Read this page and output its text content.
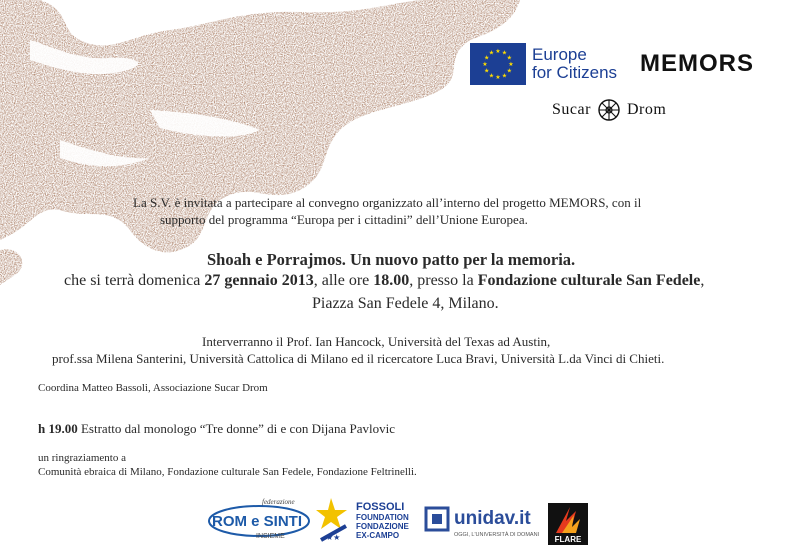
★ ★
★
★
★
★
★
★
★
★
★
★ Europe
for Citizens MEMORS
Sucar Drom
La S.V. è invitata a partecipare al convegno organizzato all’interno del progetto MEMORS, con il
supporto del programma “Europa per i cittadini” dell’Unione Europea.
Shoah e Porrajmos. Un nuovo patto per la memoria.
che si terrà domenica 27 gennaio 2013, alle ore 18.00, presso la Fondazione culturale San Fedele,
Piazza San Fedele 4, Milano.
Interverranno il Prof. Ian Hancock, Università del Texas ad Austin,
prof.ssa Milena Santerini, Università Cattolica di Milano ed il ricercatore Luca Bravi, Università L.da Vinci di Chieti.
Coordina Matteo Bassoli, Associazione Sucar Drom
h 19.00 Estratto dal monologo “Tre donne” di e con Dijana Pavlovic
un ringraziamento a
Comunità ebraica di Milano, Fondazione culturale San Fedele, Fondazione Feltrinelli.
federazione
ROM e SINTI
INSIEME	★★
FOSSOLI
FOUNDATION
FONDAZIONE
EX-CAMPO
unidav.it
OGGI, L'UNIVERSITÀ DI DOMANI	FLARE
